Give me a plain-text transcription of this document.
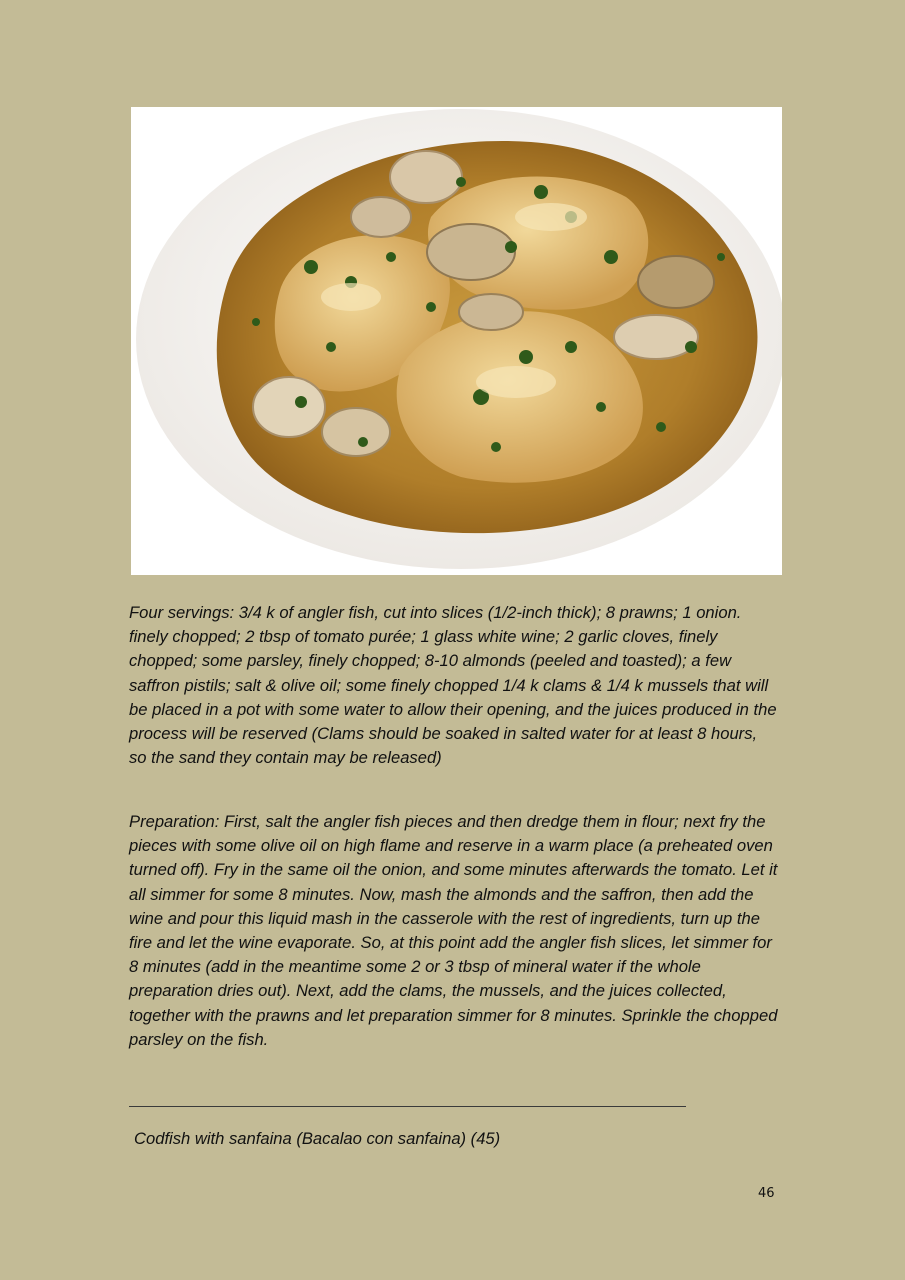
Four servings: 3/4 k of angler fish, cut into slices (1/2-inch thick); 8 prawns; 1 onion. finely chopped; 2 tbsp of tomato purée; 1 glass white wine; 2 garlic cloves, finely chopped; some parsley, finely chopped; 8-10 almonds (peeled and toasted); a few saffron pistils; salt & olive oil; some finely chopped 1/4 k clams & 1/4 k mussels that will be placed in a pot with some water to allow their opening, and the juices produced in the process will be reserved (Clams should be soaked in salted water for at least 8 hours, so the sand they contain may be released)

Preparation: First, salt the angler fish pieces and then dredge them in flour; next fry the pieces with some olive oil on high flame and reserve in a warm place (a preheated oven turned off). Fry in the same oil the onion, and some minutes afterwards the tomato. Let it all simmer for some 8 minutes. Now, mash the almonds and the saffron, then add the wine and pour this liquid mash in the casserole with the rest of ingredients, turn up the fire and let the wine evaporate. So, at this point add the angler fish slices, let simmer for 8 minutes (add in the meantime some 2 or 3 tbsp of mineral water if the whole preparation dries out). Next, add the clams, the mussels, and the juices collected, together with the prawns and let preparation simmer for 8 minutes. Sprinkle the chopped parsley on the fish.

Codfish with sanfaina (Bacalao con sanfaina) (45)

46
